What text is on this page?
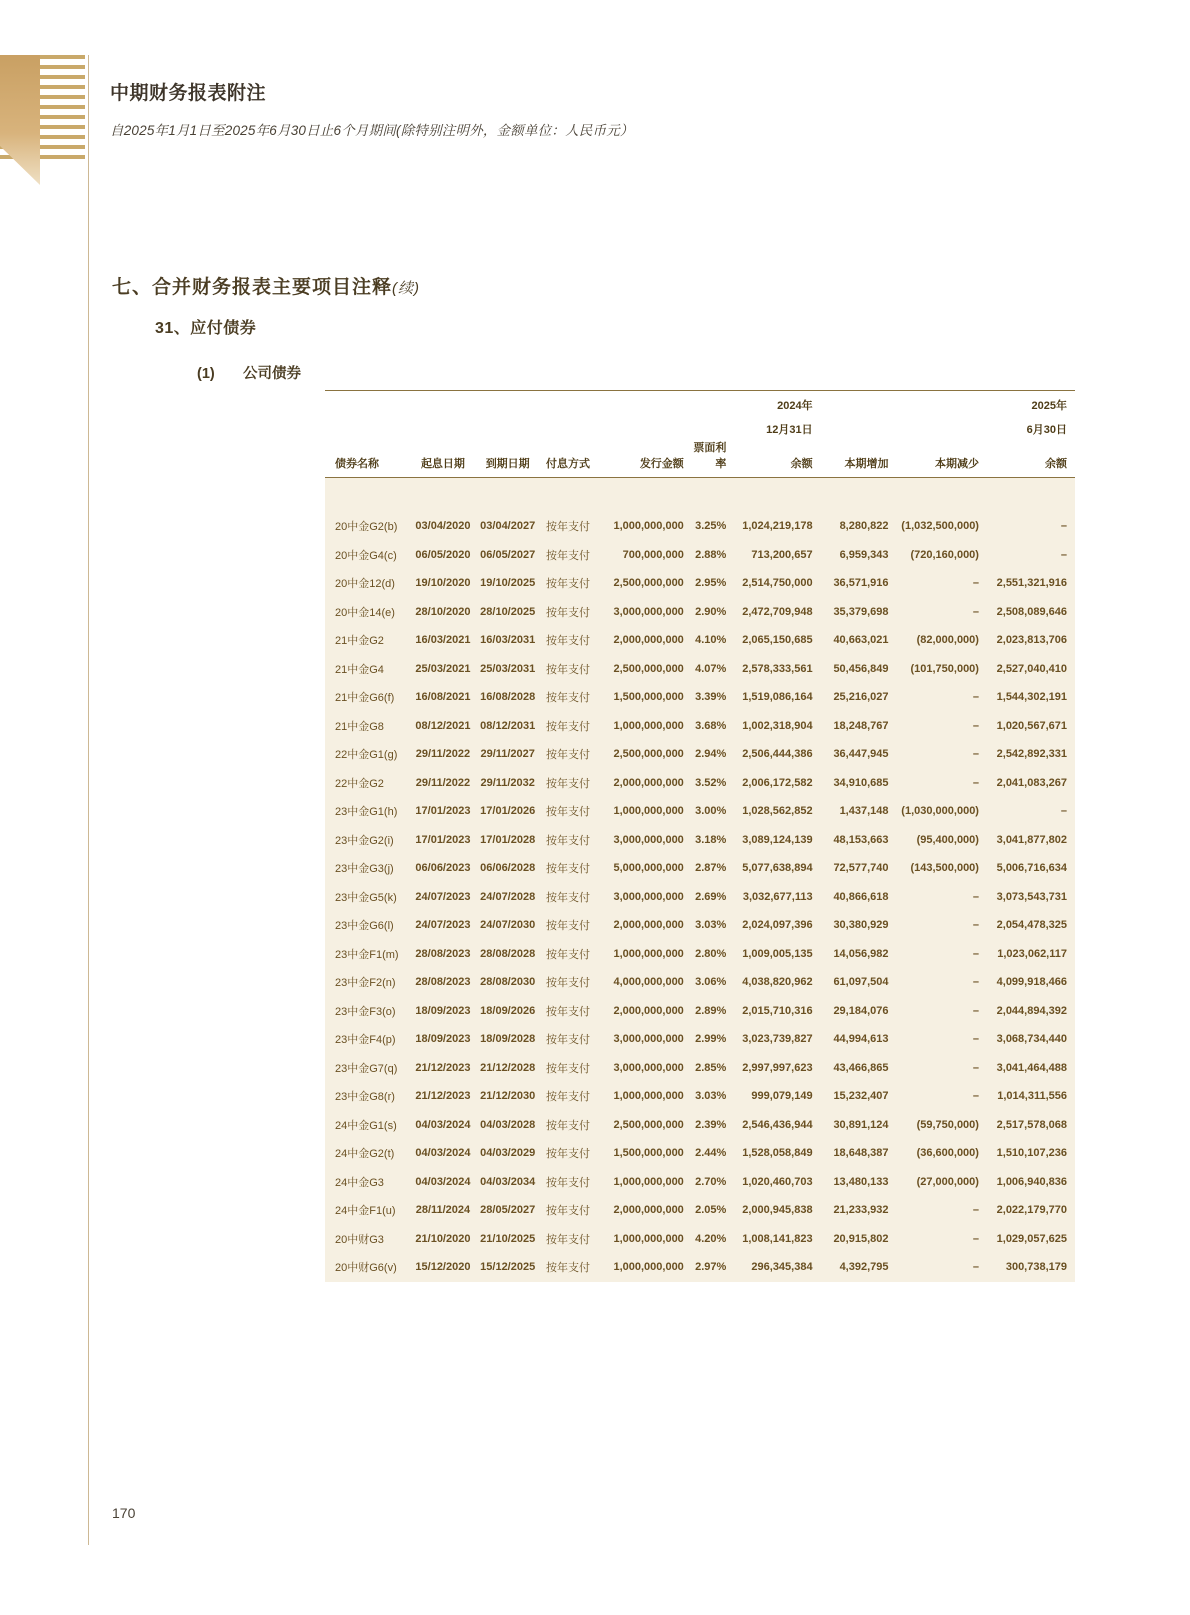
中期财务报表附注
自2025年1月1日至2025年6月30日止6个月期间(除特别注明外，金额单位：人民币元）
七、合并财务报表主要项目注释(续)
31、应付债券
(1) 公司债券
						2024年			2025年
						12月31日			6月30日
债券名称	起息日期	到期日期	付息方式	发行金额	票面利率	余额	本期增加	本期减少	余额

20中金G2(b)	03/04/2020	03/04/2027	按年支付	1,000,000,000	3.25%	1,024,219,178	8,280,822	(1,032,500,000)	–
20中金G4(c)	06/05/2020	06/05/2027	按年支付	700,000,000	2.88%	713,200,657	6,959,343	(720,160,000)	–
20中金12(d)	19/10/2020	19/10/2025	按年支付	2,500,000,000	2.95%	2,514,750,000	36,571,916	–	2,551,321,916
20中金14(e)	28/10/2020	28/10/2025	按年支付	3,000,000,000	2.90%	2,472,709,948	35,379,698	–	2,508,089,646
21中金G2	16/03/2021	16/03/2031	按年支付	2,000,000,000	4.10%	2,065,150,685	40,663,021	(82,000,000)	2,023,813,706
21中金G4	25/03/2021	25/03/2031	按年支付	2,500,000,000	4.07%	2,578,333,561	50,456,849	(101,750,000)	2,527,040,410
21中金G6(f)	16/08/2021	16/08/2028	按年支付	1,500,000,000	3.39%	1,519,086,164	25,216,027	–	1,544,302,191
21中金G8	08/12/2021	08/12/2031	按年支付	1,000,000,000	3.68%	1,002,318,904	18,248,767	–	1,020,567,671
22中金G1(g)	29/11/2022	29/11/2027	按年支付	2,500,000,000	2.94%	2,506,444,386	36,447,945	–	2,542,892,331
22中金G2	29/11/2022	29/11/2032	按年支付	2,000,000,000	3.52%	2,006,172,582	34,910,685	–	2,041,083,267
23中金G1(h)	17/01/2023	17/01/2026	按年支付	1,000,000,000	3.00%	1,028,562,852	1,437,148	(1,030,000,000)	–
23中金G2(i)	17/01/2023	17/01/2028	按年支付	3,000,000,000	3.18%	3,089,124,139	48,153,663	(95,400,000)	3,041,877,802
23中金G3(j)	06/06/2023	06/06/2028	按年支付	5,000,000,000	2.87%	5,077,638,894	72,577,740	(143,500,000)	5,006,716,634
23中金G5(k)	24/07/2023	24/07/2028	按年支付	3,000,000,000	2.69%	3,032,677,113	40,866,618	–	3,073,543,731
23中金G6(l)	24/07/2023	24/07/2030	按年支付	2,000,000,000	3.03%	2,024,097,396	30,380,929	–	2,054,478,325
23中金F1(m)	28/08/2023	28/08/2028	按年支付	1,000,000,000	2.80%	1,009,005,135	14,056,982	–	1,023,062,117
23中金F2(n)	28/08/2023	28/08/2030	按年支付	4,000,000,000	3.06%	4,038,820,962	61,097,504	–	4,099,918,466
23中金F3(o)	18/09/2023	18/09/2026	按年支付	2,000,000,000	2.89%	2,015,710,316	29,184,076	–	2,044,894,392
23中金F4(p)	18/09/2023	18/09/2028	按年支付	3,000,000,000	2.99%	3,023,739,827	44,994,613	–	3,068,734,440
23中金G7(q)	21/12/2023	21/12/2028	按年支付	3,000,000,000	2.85%	2,997,997,623	43,466,865	–	3,041,464,488
23中金G8(r)	21/12/2023	21/12/2030	按年支付	1,000,000,000	3.03%	999,079,149	15,232,407	–	1,014,311,556
24中金G1(s)	04/03/2024	04/03/2028	按年支付	2,500,000,000	2.39%	2,546,436,944	30,891,124	(59,750,000)	2,517,578,068
24中金G2(t)	04/03/2024	04/03/2029	按年支付	1,500,000,000	2.44%	1,528,058,849	18,648,387	(36,600,000)	1,510,107,236
24中金G3	04/03/2024	04/03/2034	按年支付	1,000,000,000	2.70%	1,020,460,703	13,480,133	(27,000,000)	1,006,940,836
24中金F1(u)	28/11/2024	28/05/2027	按年支付	2,000,000,000	2.05%	2,000,945,838	21,233,932	–	2,022,179,770
20中财G3	21/10/2020	21/10/2025	按年支付	1,000,000,000	4.20%	1,008,141,823	20,915,802	–	1,029,057,625
20中财G6(v)	15/12/2020	15/12/2025	按年支付	1,000,000,000	2.97%	296,345,384	4,392,795	–	300,738,179
170
